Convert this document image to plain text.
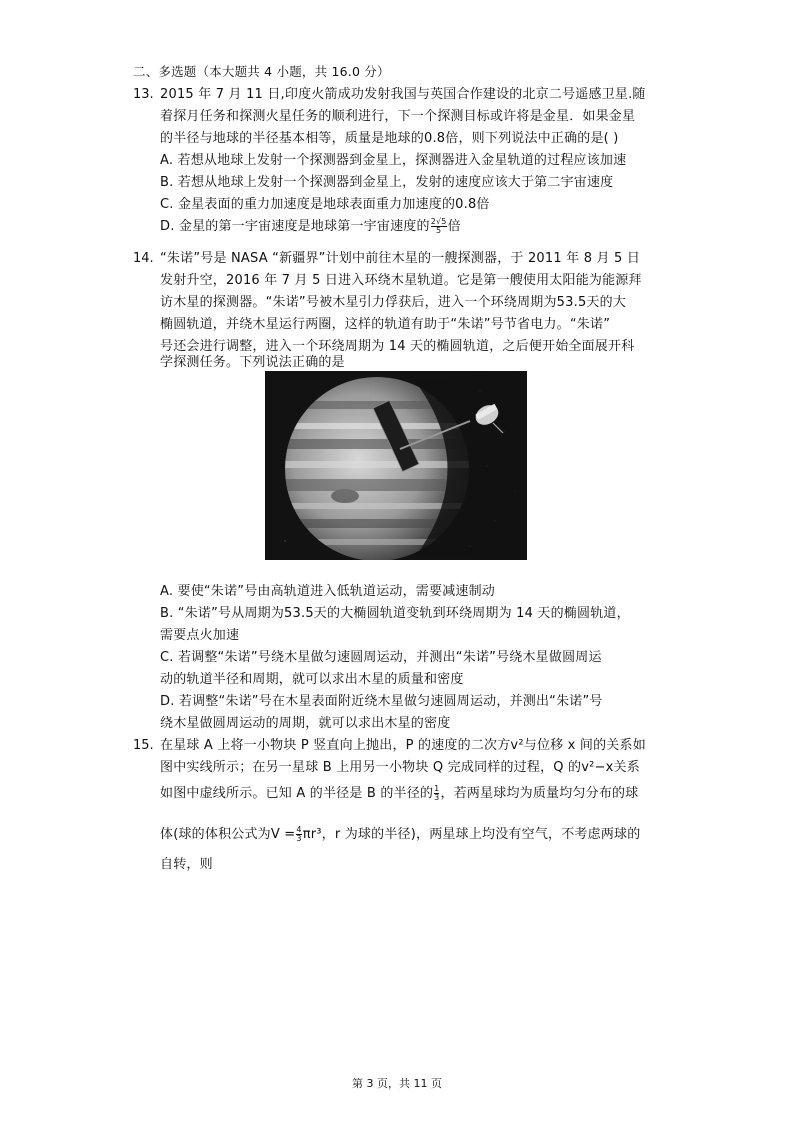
二、多选题（本大题共 4 小题，共 16.0 分）
13. 2015 年 7 月 11 日,印度火箭成功发射我国与英国合作建设的北京二号遥感卫星.随
着探月任务和探测火星任务的顺利进行，下一个探测目标或许将是金星．如果金星
的半径与地球的半径基本相等，质量是地球的0.8倍，则下列说法中正确的是( )
A. 若想从地球上发射一个探测器到金星上，探测器进入金星轨道的过程应该加速
B. 若想从地球上发射一个探测器到金星上，发射的速度应该大于第二宇宙速度
C. 金星表面的重力加速度是地球表面重力加速度的0.8倍
D. 金星的第一宇宙速度是地球第一宇宙速度的 $\frac{2√5}{5}$ 倍
14. “朱诺”号是 NASA “新疆界”计划中前往木星的一艘探测器，于 2011 年 8 月 5 日
发射升空，2016 年 7 月 5 日进入环绕木星轨道。它是第一艘使用太阳能为能源拜
访木星的探测器。“朱诺”号被木星引力俘获后，进入一个环绕周期为53.5天的大
椭圆轨道，并绕木星运行两圈，这样的轨道有助于“朱诺”号节省电力。“朱诺”
号还会进行调整，进入一个环绕周期为 14 天的椭圆轨道，之后便开始全面展开科
学探测任务。下列说法正确的是
A. 要使“朱诺”号由高轨道进入低轨道运动，需要减速制动
B. “朱诺”号从周期为53.5天的大椭圆轨道变轨到环绕周期为 14 天的椭圆轨道，
需要点火加速
C. 若调整“朱诺”号绕木星做匀速圆周运动，并测出“朱诺”号绕木星做圆周运
动的轨道半径和周期，就可以求出木星的质量和密度
D. 若调整“朱诺”号在木星表面附近绕木星做匀速圆周运动，并测出“朱诺”号
绕木星做圆周运动的周期，就可以求出木星的密度
15. 在星球 A 上将一小物块 P 竖直向上抛出，P 的速度的二次方v²与位移 x 间的关系如
图中实线所示；在另一星球 B 上用另一小物块 Q 完成同样的过程，Q 的v²−x关系
如图中虚线所示。已知 A 的半径是 B 的半径的 $\frac{1}{3}$ ，若两星球均为质量均匀分布的球
体(球的体积公式为$V = \frac{4}{3} \pi r^3$，r 为球的半径)，两星球上均没有空气，不考虑两球的
自转，则
第 3 页，共 11 页
